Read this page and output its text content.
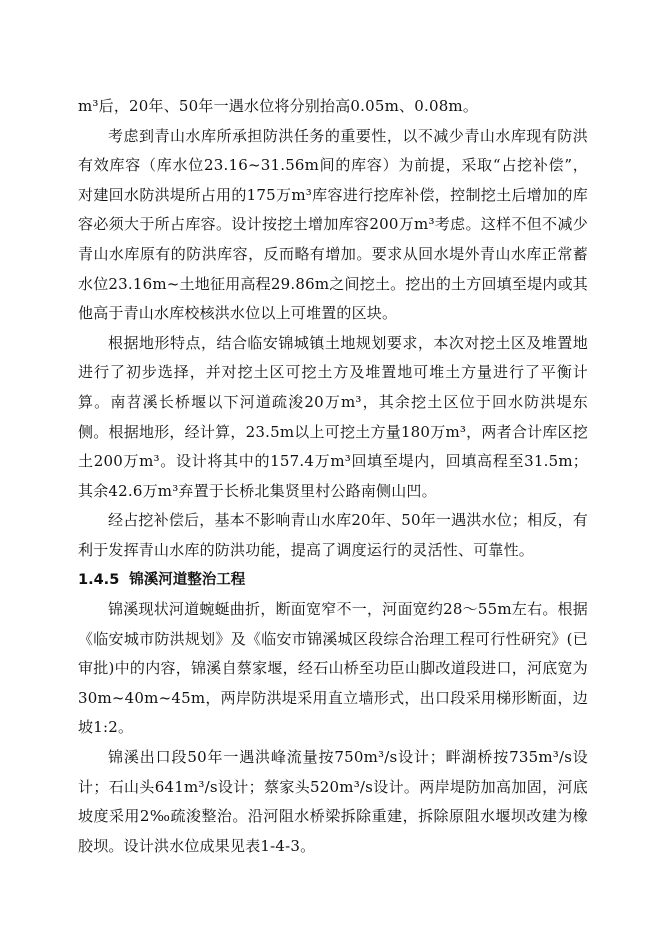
m³后，20年、50年一遇水位将分别抬高0.05m、0.08m。

考虑到青山水库所承担防洪任务的重要性，以不减少青山水库现有防洪有效库容（库水位23.16~31.56m间的库容）为前提，采取“占挖补偿”，对建回水防洪堤所占用的175万m³库容进行挖库补偿，控制挖土后增加的库容必须大于所占库容。设计按挖土增加库容200万m³考虑。这样不但不减少青山水库原有的防洪库容，反而略有增加。要求从回水堤外青山水库正常蓄水位23.16m~土地征用高程29.86m之间挖土。挖出的土方回填至堤内或其他高于青山水库校核洪水位以上可堆置的区块。

根据地形特点，结合临安锦城镇土地规划要求，本次对挖土区及堆置地进行了初步选择，并对挖土区可挖土方及堆置地可堆土方量进行了平衡计算。南苕溪长桥堰以下河道疏浚20万m³，其余挖土区位于回水防洪堤东侧。根据地形，经计算，23.5m以上可挖土方量180万m³，两者合计库区挖土200万m³。设计将其中的157.4万m³回填至堤内，回填高程至31.5m；其余42.6万m³弃置于长桥北集贤里村公路南侧山凹。

经占挖补偿后，基本不影响青山水库20年、50年一遇洪水位；相反，有利于发挥青山水库的防洪功能，提高了调度运行的灵活性、可靠性。

1.4.5 锦溪河道整治工程

锦溪现状河道蜿蜒曲折，断面宽窄不一，河面宽约28～55m左右。根据《临安城市防洪规划》及《临安市锦溪城区段综合治理工程可行性研究》(已审批)中的内容，锦溪自蔡家堰，经石山桥至功臣山脚改道段进口，河底宽为30m~40m~45m，两岸防洪堤采用直立墙形式，出口段采用梯形断面，边坡1:2。

锦溪出口段50年一遇洪峰流量按750m³/s设计；畔湖桥按735m³/s设计；石山头641m³/s设计；蔡家头520m³/s设计。两岸堤防加高加固，河底坡度采用2‰疏浚整治。沿河阻水桥梁拆除重建，拆除原阻水堰坝改建为橡胶坝。设计洪水位成果见表1-4-3。
